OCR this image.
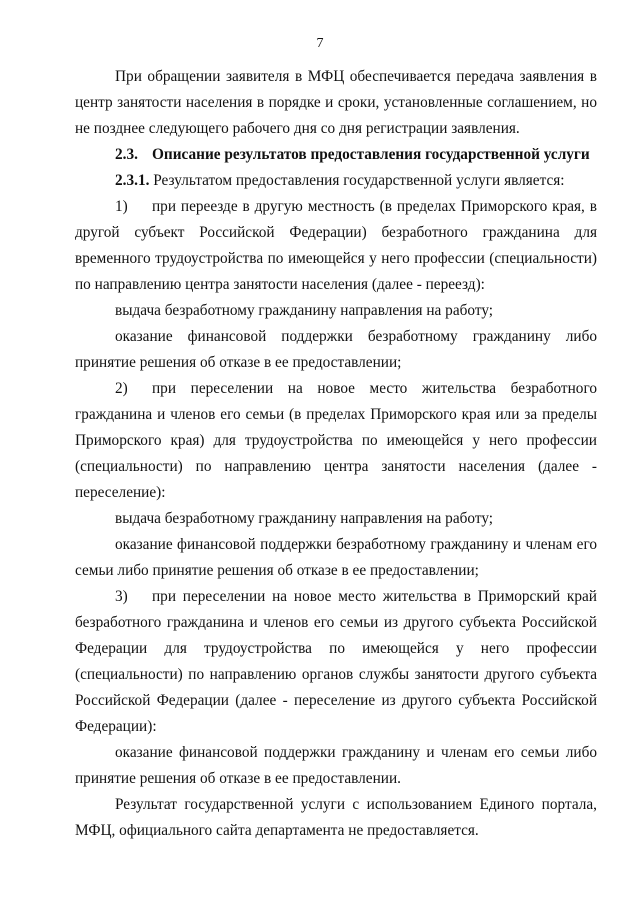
7

При обращении заявителя в МФЦ обеспечивается передача заявления в центр занятости населения в порядке и сроки, установленные соглашением, но не позднее следующего рабочего дня со дня регистрации заявления.

2.3. Описание результатов предоставления государственной услуги

2.3.1. Результатом предоставления государственной услуги является:

1) при переезде в другую местность (в пределах Приморского края, в другой субъект Российской Федерации) безработного гражданина для временного трудоустройства по имеющейся у него профессии (специальности) по направлению центра занятости населения (далее - переезд):

выдача безработному гражданину направления на работу;

оказание финансовой поддержки безработному гражданину либо принятие решения об отказе в ее предоставлении;

2) при переселении на новое место жительства безработного гражданина и членов его семьи (в пределах Приморского края или за пределы Приморского края) для трудоустройства по имеющейся у него профессии (специальности) по направлению центра занятости населения (далее - переселение):

выдача безработному гражданину направления на работу;

оказание финансовой поддержки безработному гражданину и членам его семьи либо принятие решения об отказе в ее предоставлении;

3) при переселении на новое место жительства в Приморский край безработного гражданина и членов его семьи из другого субъекта Российской Федерации для трудоустройства по имеющейся у него профессии (специальности) по направлению органов службы занятости другого субъекта Российской Федерации (далее - переселение из другого субъекта Российской Федерации):

оказание финансовой поддержки гражданину и членам его семьи либо принятие решения об отказе в ее предоставлении.

Результат государственной услуги с использованием Единого портала, МФЦ, официального сайта департамента не предоставляется.
